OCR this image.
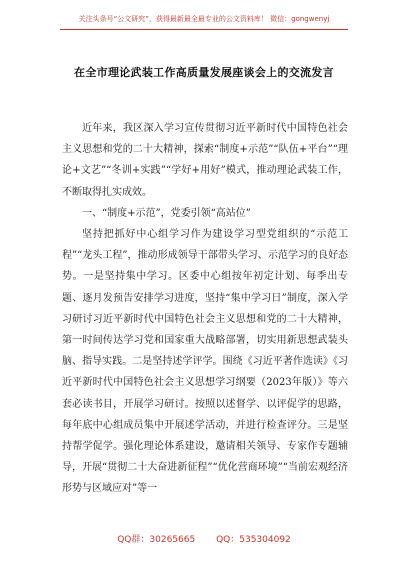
关注头条号“公文研究”，获得最新最全最专业的公文资料库！ 微信：gongwenyj
在全市理论武装工作高质量发展座谈会上的交流发言

近年来，我区深入学习宣传贯彻习近平新时代中国特色社会主义思想和党的二十大精神，探索“制度+示范”“队伍+平台”“理论+文艺”“冬训+实践”“学好+用好”模式，推动理论武装工作，不断取得扎实成效。

一、“制度+示范”，党委引领“高站位”

坚持把抓好中心组学习作为建设学习型党组织的“示范工程”“龙头工程”，推动形成领导干部带头学习、示范学习的良好态势。一是坚持集中学习。区委中心组按年初定计划、每季出专题、逐月发预告安排学习进度，坚持“集中学习日”制度，深入学习研讨习近平新时代中国特色社会主义思想和党的二十大精神，第一时间传达学习党和国家重大战略部署，切实用新思想武装头脑、指导实践。二是坚持述学评学。围绕《习近平著作选读》《习近平新时代中国特色社会主义思想学习纲要（2023年版）》等六套必读书目，开展学习研讨。按照以述督学、以评促学的思路，每年底中心组成员集中开展述学活动，并进行检查评分。三是坚持帮学促学。强化理论体系建设，邀请相关领导、专家作专题辅导，开展“贯彻二十大奋进新征程”“优化营商环境”“当前宏观经济形势与区域应对”等一

QQ群：30265665 QQ：535304092
